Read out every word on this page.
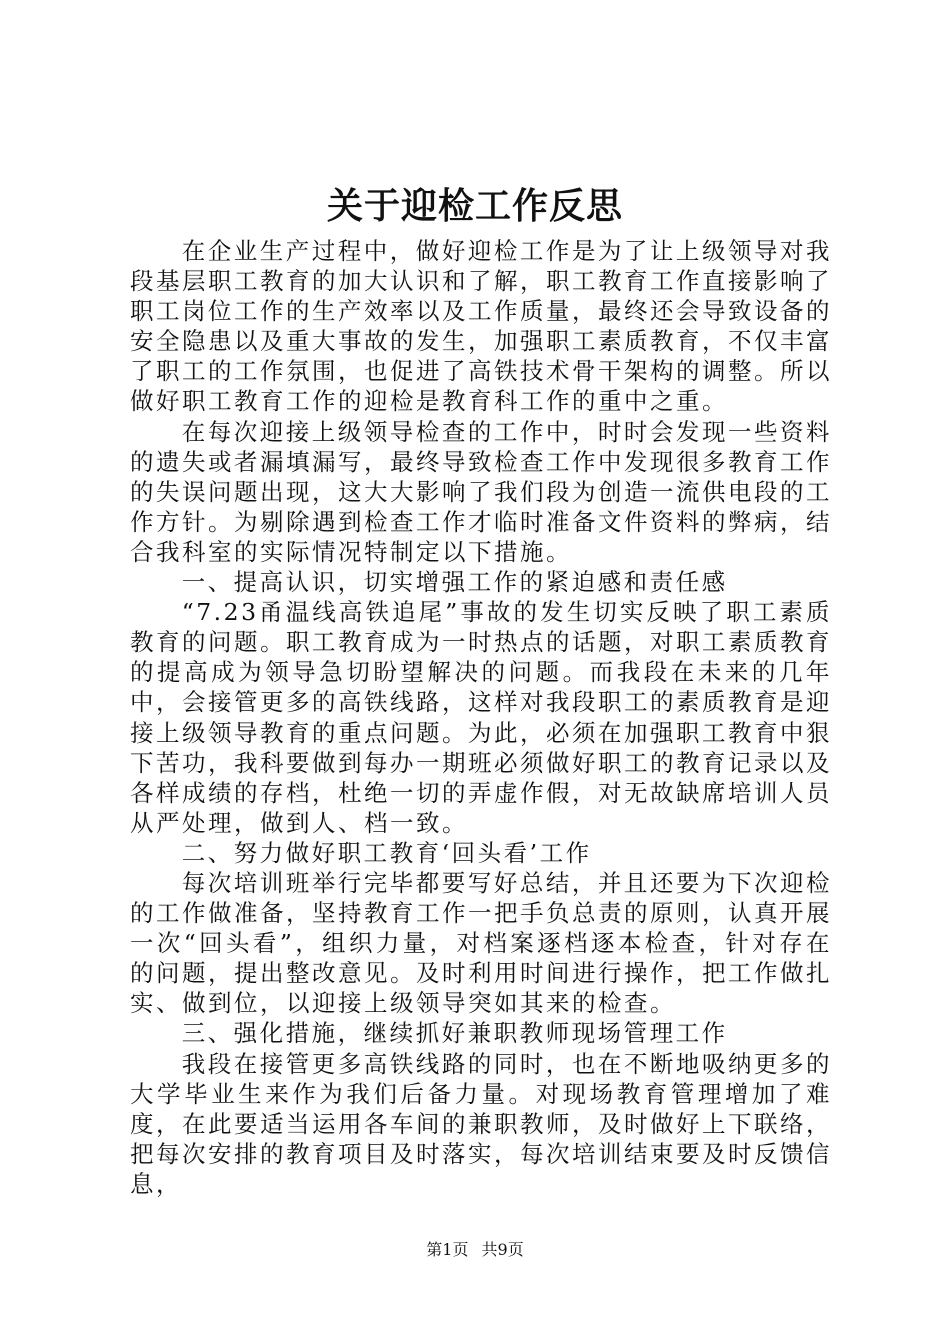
关于迎检工作反思

在企业生产过程中，做好迎检工作是为了让上级领导对我段基层职工教育的加大认识和了解，职工教育工作直接影响了职工岗位工作的生产效率以及工作质量，最终还会导致设备的安全隐患以及重大事故的发生，加强职工素质教育，不仅丰富了职工的工作氛围，也促进了高铁技术骨干架构的调整。所以做好职工教育工作的迎检是教育科工作的重中之重。

在每次迎接上级领导检查的工作中，时时会发现一些资料的遗失或者漏填漏写，最终导致检查工作中发现很多教育工作的失误问题出现，这大大影响了我们段为创造一流供电段的工作方针。为剔除遇到检查工作才临时准备文件资料的弊病，结合我科室的实际情况特制定以下措施。

一、提高认识，切实增强工作的紧迫感和责任感

“7.23甬温线高铁追尾”事故的发生切实反映了职工素质教育的问题。职工教育成为一时热点的话题，对职工素质教育的提高成为领导急切盼望解决的问题。而我段在未来的几年中，会接管更多的高铁线路，这样对我段职工的素质教育是迎接上级领导教育的重点问题。为此，必须在加强职工教育中狠下苦功，我科要做到每办一期班必须做好职工的教育记录以及各样成绩的存档，杜绝一切的弄虚作假，对无故缺席培训人员从严处理，做到人、档一致。

二、努力做好职工教育‘回头看’工作

每次培训班举行完毕都要写好总结，并且还要为下次迎检的工作做准备，坚持教育工作一把手负总责的原则，认真开展一次“回头看”，组织力量，对档案逐档逐本检查，针对存在的问题，提出整改意见。及时利用时间进行操作，把工作做扎实、做到位，以迎接上级领导突如其来的检查。

三、强化措施，继续抓好兼职教师现场管理工作

我段在接管更多高铁线路的同时，也在不断地吸纳更多的大学毕业生来作为我们后备力量。对现场教育管理增加了难度，在此要适当运用各车间的兼职教师，及时做好上下联络，把每次安排的教育项目及时落实，每次培训结束要及时反馈信息，

第1页 共9页
